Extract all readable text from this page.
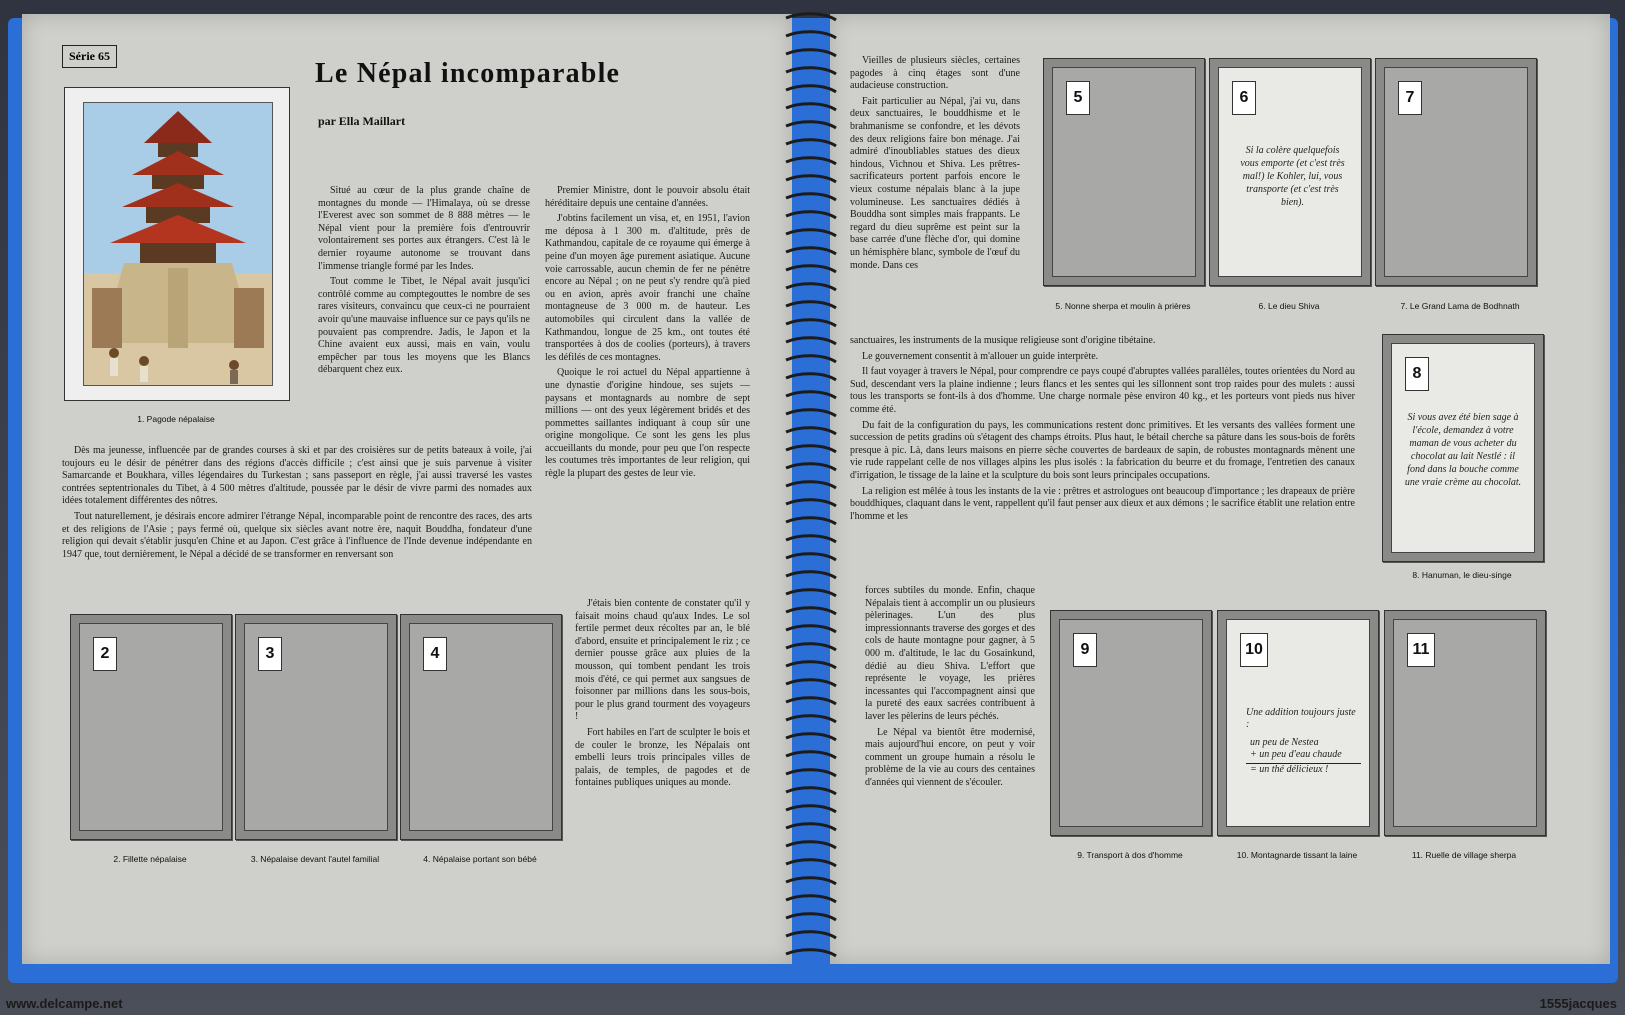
Série 65
Le Népal incomparable
par Ella Maillart
1. Pagode népalaise

Situé au cœur de la plus grande chaîne de montagnes du monde — l'Himalaya, où se dresse l'Everest avec son sommet de 8 888 mètres — le Népal vient pour la première fois d'entrouvrir volontairement ses portes aux étrangers. C'est là le dernier royaume autonome se trouvant dans l'immense triangle formé par les Indes.

Tout comme le Tibet, le Népal avait jusqu'ici contrôlé comme au comptegouttes le nombre de ses rares visiteurs, convaincu que ceux-ci ne pourraient avoir qu'une mauvaise influence sur ce pays qu'ils ne pouvaient pas comprendre. Jadis, le Japon et la Chine avaient eux aussi, mais en vain, voulu empêcher par tous les moyens que les Blancs débarquent chez eux.

Premier Ministre, dont le pouvoir absolu était héréditaire depuis une centaine d'années.

J'obtins facilement un visa, et, en 1951, l'avion me déposa à 1 300 m. d'altitude, près de Kathmandou, capitale de ce royaume qui émerge à peine d'un moyen âge purement asiatique. Aucune voie carrossable, aucun chemin de fer ne pénètre encore au Népal ; on ne peut s'y rendre qu'à pied ou en avion, après avoir franchi une chaîne montagneuse de 3 000 m. de hauteur. Les automobiles qui circulent dans la vallée de Kathmandou, longue de 25 km., ont toutes été transportées à dos de coolies (porteurs), à travers les défilés de ces montagnes.

Quoique le roi actuel du Népal appartienne à une dynastie d'origine hindoue, ses sujets — paysans et montagnards au nombre de sept millions — ont des yeux légèrement bridés et des pommettes saillantes indiquant à coup sûr une origine mongolique. Ce sont les gens les plus accueillants du monde, pour peu que l'on respecte les coutumes très importantes de leur religion, qui règle la plupart des gestes de leur vie.

Dès ma jeunesse, influencée par de grandes courses à ski et par des croisières sur de petits bateaux à voile, j'ai toujours eu le désir de pénétrer dans des régions d'accès difficile ; c'est ainsi que je suis parvenue à visiter Samarcande et Boukhara, villes légendaires du Turkestan ; sans passeport en règle, j'ai aussi traversé les vastes contrées septentrionales du Tibet, à 4 500 mètres d'altitude, poussée par le désir de vivre parmi des nomades aux idées totalement différentes des nôtres.

Tout naturellement, je désirais encore admirer l'étrange Népal, incomparable point de rencontre des races, des arts et des religions de l'Asie ; pays fermé où, quelque six siècles avant notre ère, naquit Bouddha, fondateur d'une religion qui devait s'établir jusqu'en Chine et au Japon. C'est grâce à l'influence de l'Inde devenue indépendante en 1947 que, tout dernièrement, le Népal a décidé de se transformer en renversant son

J'étais bien contente de constater qu'il y faisait moins chaud qu'aux Indes. Le sol fertile permet deux récoltes par an, le blé d'abord, ensuite et principalement le riz ; ce dernier pousse grâce aux pluies de la mousson, qui tombent pendant les trois mois d'été, ce qui permet aux sangsues de foisonner par millions dans les sous-bois, pour le plus grand tourment des voyageurs !

Fort habiles en l'art de sculpter le bois et de couler le bronze, les Népalais ont embelli leurs trois principales villes de palais, de temples, de pagodes et de fontaines publiques uniques au monde.

2	3	4
2. Fillette népalaise	3. Népalaise devant l'autel familial	4. Népalaise portant son bébé

Vieilles de plusieurs siècles, certaines pagodes à cinq étages sont d'une audacieuse construction.

Fait particulier au Népal, j'ai vu, dans deux sanctuaires, le bouddhisme et le brahmanisme se confondre, et les dévots des deux religions faire bon ménage. J'ai admiré d'inoubliables statues des dieux hindous, Vichnou et Shiva. Les prêtres-sacrificateurs portent parfois encore le vieux costume népalais blanc à la jupe volumineuse. Les sanctuaires dédiés à Bouddha sont simples mais frappants. Le regard du dieu suprême est peint sur la base carrée d'une flèche d'or, qui domine un hémisphère blanc, symbole de l'œuf du monde. Dans ces

sanctuaires, les instruments de la musique religieuse sont d'origine tibétaine.

Le gouvernement consentit à m'allouer un guide interprète.

Il faut voyager à travers le Népal, pour comprendre ce pays coupé d'abruptes vallées parallèles, toutes orientées du Nord au Sud, descendant vers la plaine indienne ; leurs flancs et les sentes qui les sillonnent sont trop raides pour des mulets : aussi tous les transports se font-ils à dos d'homme. Une charge normale pèse environ 40 kg., et les porteurs vont pieds nus hiver comme été.

Du fait de la configuration du pays, les communications restent donc primitives. Et les versants des vallées forment une succession de petits gradins où s'étagent des champs étroits. Plus haut, le bétail cherche sa pâture dans les sous-bois de forêts presque à pic. Là, dans leurs maisons en pierre sèche couvertes de bardeaux de sapin, de robustes montagnards mènent une vie rude rappelant celle de nos villages alpins les plus isolés : la fabrication du beurre et du fromage, l'entretien des canaux d'irrigation, le tissage de la laine et la sculpture du bois sont leurs principales occupations.

La religion est mêlée à tous les instants de la vie : prêtres et astrologues ont beaucoup d'importance ; les drapeaux de prière bouddhiques, claquant dans le vent, rappellent qu'il faut penser aux dieux et aux démons ; le sacrifice établit une relation entre l'homme et les

forces subtiles du monde. Enfin, chaque Népalais tient à accomplir un ou plusieurs pèlerinages. L'un des plus impressionnants traverse des gorges et des cols de haute montagne pour gagner, à 5 000 m. d'altitude, le lac du Gosainkund, dédié au dieu Shiva. L'effort que représente le voyage, les prières incessantes qui l'accompagnent ainsi que la pureté des eaux sacrées contribuent à laver les pèlerins de leurs péchés.

Le Népal va bientôt être modernisé, mais aujourd'hui encore, on peut y voir comment un groupe humain a résolu le problème de la vie au cours des centaines d'années qui viennent de s'écouler.

5	6
Si la colère quelquefois vous emporte (et c'est très mal!) le Kohler, lui, vous transporte (et c'est très bien).
7
5. Nonne sherpa et moulin à prières	6. Le dieu Shiva	7. Le Grand Lama de Bodhnath
8
Si vous avez été bien sage à l'école, demandez à votre maman de vous acheter du chocolat au lait Nestlé : il fond dans la bouche comme une vraie crème au chocolat.
8. Hanuman, le dieu-singe
9	10
Une addition toujours juste :
un peu de Nestea
+ un peu d'eau chaude
= un thé délicieux !
11
9. Transport à dos d'homme	10. Montagnarde tissant la laine	11. Ruelle de village sherpa
www.delcampe.net	1555jacques
